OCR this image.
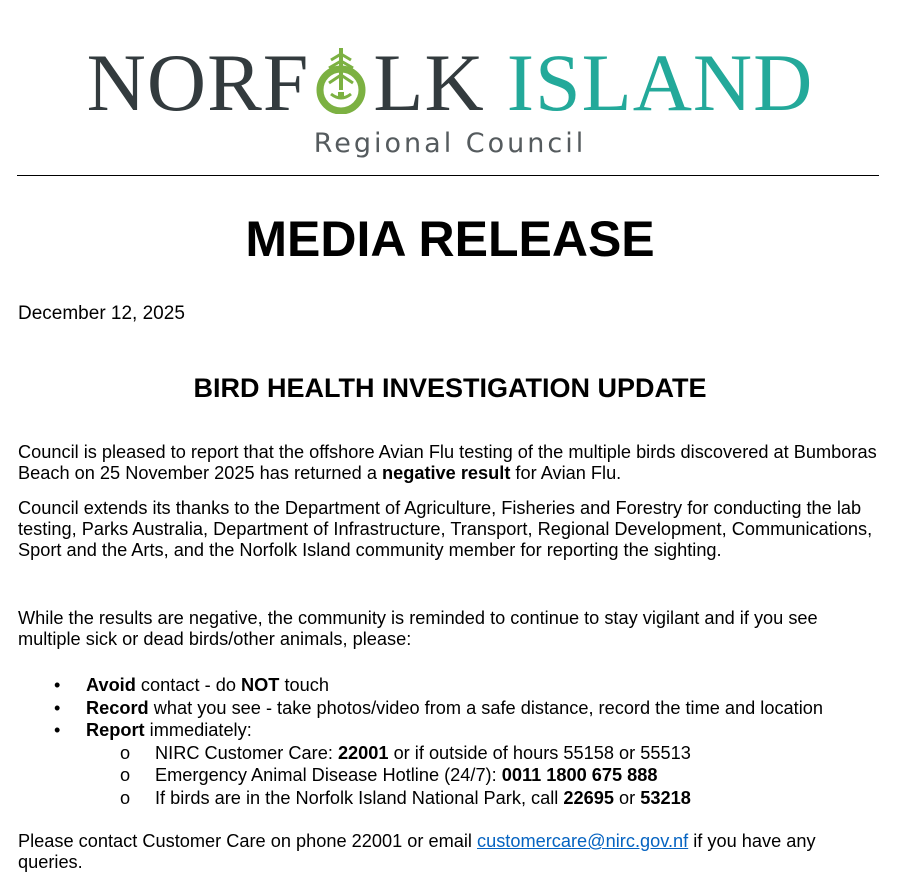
NORF LK ISLAND
Regional Council
MEDIA RELEASE
December 12, 2025
BIRD HEALTH INVESTIGATION UPDATE
Council is pleased to report that the offshore Avian Flu testing of the multiple birds discovered at Bumboras Beach on 25 November 2025 has returned a negative result for Avian Flu.
Council extends its thanks to the Department of Agriculture, Fisheries and Forestry for conducting the lab testing, Parks Australia, Department of Infrastructure, Transport, Regional Development, Communications, Sport and the Arts, and the Norfolk Island community member for reporting the sighting.
While the results are negative, the community is reminded to continue to stay vigilant and if you see multiple sick or dead birds/other animals, please:
• Avoid contact - do NOT touch
• Record what you see - take photos/video from a safe distance, record the time and location
• Report immediately:
o NIRC Customer Care: 22001 or if outside of hours 55158 or 55513
o Emergency Animal Disease Hotline (24/7): 0011 1800 675 888
o If birds are in the Norfolk Island National Park, call 22695 or 53218
Please contact Customer Care on phone 22001 or email customercare@nirc.gov.nf if you have any queries.
